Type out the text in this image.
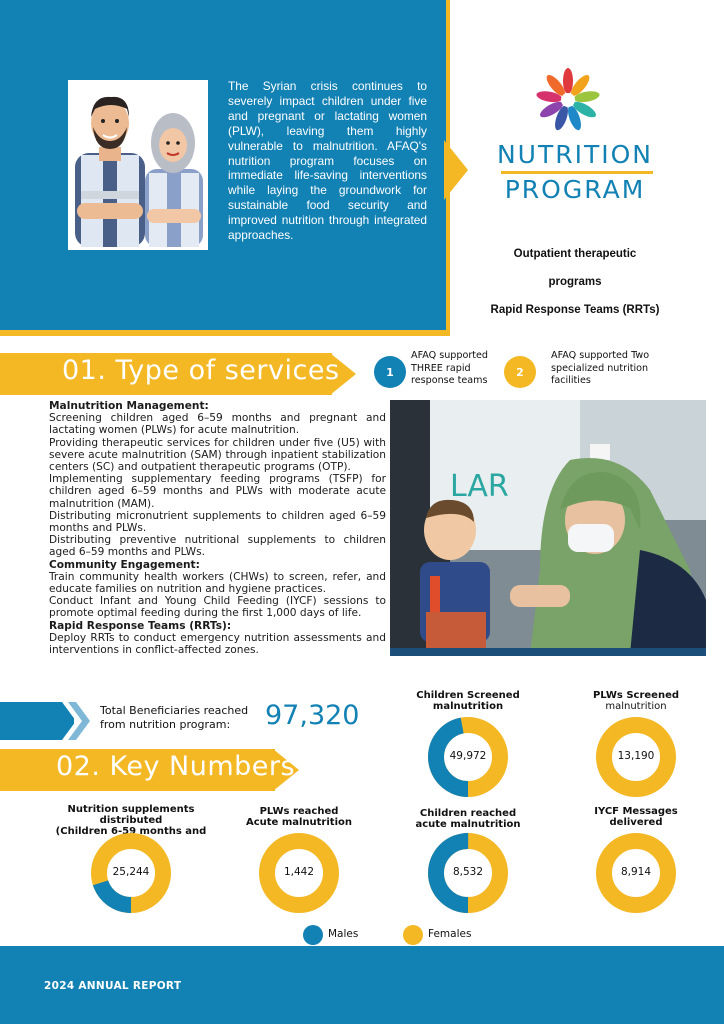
The Syrian crisis continues to severely impact children under five and pregnant or lactating women (PLW), leaving them highly vulnerable to malnutrition. AFAQ's nutrition program focuses on immediate life-saving interventions while laying the groundwork for sustainable food security and improved nutrition through integrated approaches.
NUTRITION
PROGRAM
Outpatient therapeutic
programs
Rapid Response Teams (RRTs)
01. Type of services	1
AFAQ supported
THREE rapid
response teams
2
AFAQ supported Two
specialized nutrition
facilities
Malnutrition Management:
Screening children aged 6–59 months and pregnant and lactating women (PLWs) for acute malnutrition.
Providing therapeutic services for children under five (U5) with severe acute malnutrition (SAM) through inpatient stabilization centers (SC) and outpatient therapeutic programs (OTP).
Implementing supplementary feeding programs (TSFP) for children aged 6–59 months and PLWs with moderate acute malnutrition (MAM).
Distributing micronutrient supplements to children aged 6–59 months and PLWs.
Distributing preventive nutritional supplements to children aged 6–59 months and PLWs.
Community Engagement:
Train community health workers (CHWs) to screen, refer, and educate families on nutrition and hygiene practices.
Conduct Infant and Young Child Feeding (IYCF) sessions to promote optimal feeding during the first 1,000 days of life.
Rapid Response Teams (RRTs):
Deploy RRTs to conduct emergency nutrition assessments and interventions in conflict-affected zones.
LAR
Total Beneficiaries reached
from nutrition program:	97,320
02. Key Numbers
Children Screened
malnutrition
49,972
PLWs Screened
malnutrition
13,190
Nutrition supplements distributed
(Children 6-59 months and PLWs)
25,244
PLWs reached
Acute malnutrition
1,442
Children reached
acute malnutrition
8,532
IYCF Messages
delivered
8,914
Males	Females
2024 ANNUAL REPORT
